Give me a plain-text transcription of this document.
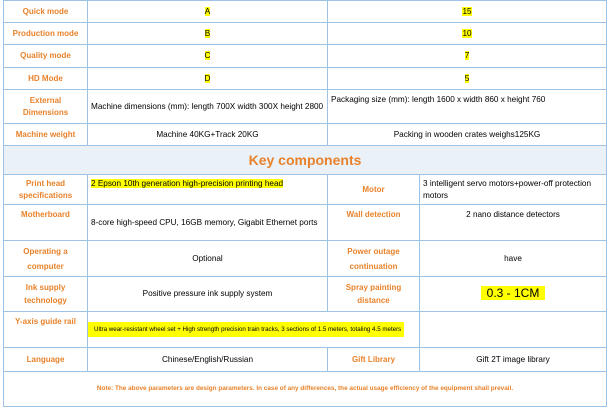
Quick mode	A	15	
Production mode	B	10	
Quality mode	C	7	
HD Mode	D	5	
External Dimensions	Machine dimensions (mm): length 700X width 300X height 2800	Packaging size (mm): length 1600 x width 860 x height 760	
Machine weight	Machine 40KG+Track 20KG	Packing in wooden crates weighs125KG	
Key components			
Print head specifications	2 Epson 10th generation high-precision printing head	Motor	3 intelligent servo motors+power-off protection motors
Motherboard	8-core high-speed CPU, 16GB memory, Gigabit Ethernet ports	Wall detection	2 nano distance detectors
Operating a computer	Optional	Power outage continuation	have
Ink supply technology	Positive pressure ink supply system	Spray painting distance	0.3 - 1CM
Y-axis guide rail	Ultra wear-resistant wheel set + High strength precision train tracks, 3 sections of 1.5 meters, totaling 4.5 meters		

Language	Chinese/English/Russian	Gift Library	Gift 2T image library
Note: The above parameters are design parameters. In case of any differences, the actual usage efficiency of the equipment shall prevail.			
